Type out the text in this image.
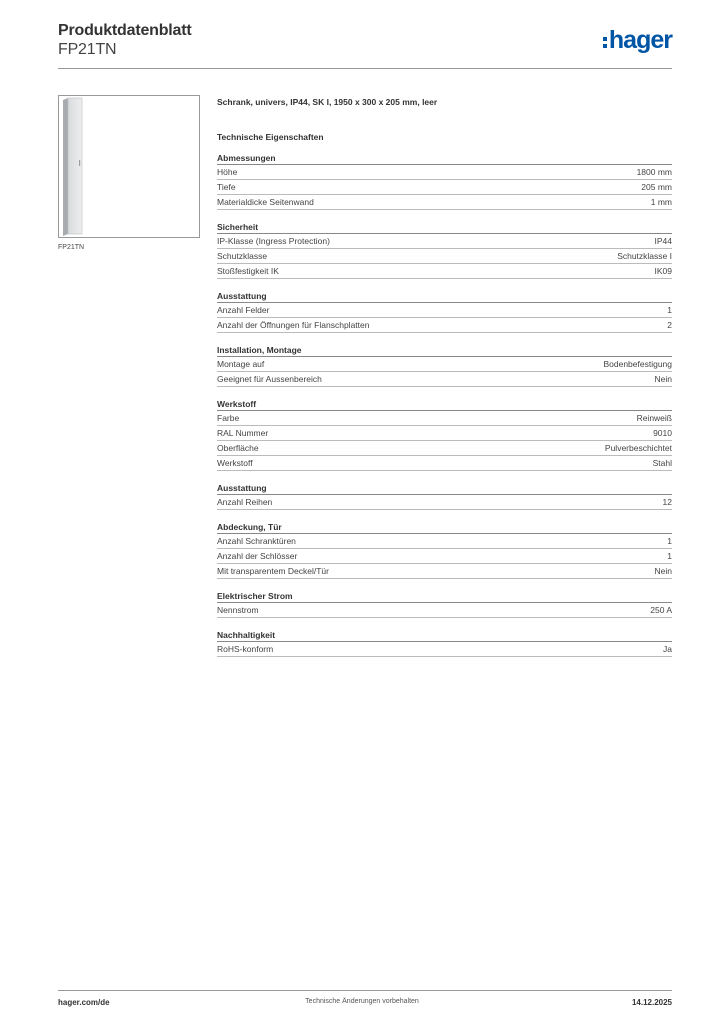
Produktdatenblatt
FP21TN	hager
FP21TN
Schrank, univers, IP44, SK I, 1950 x 300 x 205 mm, leer
Technische Eigenschaften
Abmessungen
Höhe	1800 mm
Tiefe	205 mm
Materialdicke Seitenwand	1 mm
Sicherheit
IP-Klasse (Ingress Protection)	IP44
Schutzklasse	Schutzklasse I
Stoßfestigkeit IK	IK09
Ausstattung
Anzahl Felder	1
Anzahl der Öffnungen für Flanschplatten	2
Installation, Montage
Montage auf	Bodenbefestigung
Geeignet für Aussenbereich	Nein
Werkstoff
Farbe	Reinweiß
RAL Nummer	9010
Oberfläche	Pulverbeschichtet
Werkstoff	Stahl
Ausstattung
Anzahl Reihen	12
Abdeckung, Tür
Anzahl Schranktüren	1
Anzahl der Schlösser	1
Mit transparentem Deckel/Tür	Nein
Elektrischer Strom
Nennstrom	250 A
Nachhaltigkeit
RoHS-konform	Ja
hager.com/de	Technische Änderungen vorbehalten	14.12.2025
